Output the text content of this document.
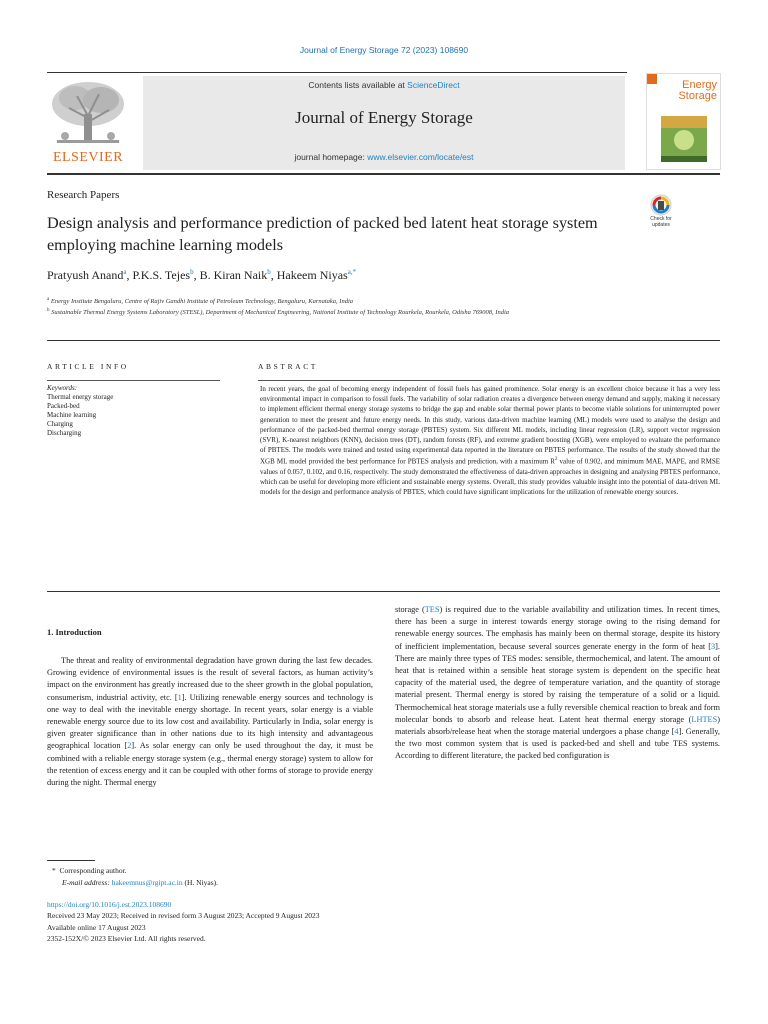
Journal of Energy Storage 72 (2023) 108690
ELSEVIER
Contents lists available at ScienceDirect
Journal of Energy Storage
journal homepage: www.elsevier.com/locate/est
Energy
Storage
Research Papers
Design analysis and performance prediction of packed bed latent heat storage system employing machine learning models
Check for updates
Pratyush Anand$^a$, P.K.S. Tejes$^b$, B. Kiran Naik$^b$, Hakeem Niyas$^{a,*}$
$^a$ Energy Institute Bengaluru, Centre of Rajiv Gandhi Institute of Petroleum Technology, Bengaluru, Karnataka, India
$^b$ Sustainable Thermal Energy Systems Laboratory (STESL), Department of Mechanical Engineering, National Institute of Technology Rourkela, Rourkela, Odisha 769008, India
ARTICLE INFO	ABSTRACT
Keywords:
Thermal energy storage
Packed-bed
Machine learning
Charging
Discharging
In recent years, the goal of becoming energy independent of fossil fuels has gained prominence. Solar energy is an excellent choice because it has a very less environmental impact in comparison to fossil fuels. The variability of solar radiation creates a divergence between energy demand and supply, making it necessary to implement efficient thermal energy storage systems to bridge the gap and enable solar thermal power plants to become viable solutions for uninterrupted power generation to meet the present and future energy needs. In this study, various data-driven machine learning (ML) models were used to analyse the design and performance of the packed-bed thermal energy storage (PBTES) system. Six different ML models, including linear regression (LR), support vector regression (SVR), K-nearest neighbors (KNN), decision trees (DT), random forests (RF), and extreme gradient boosting (XGB), were employed to evaluate the performance of PBTES. The models were trained and tested using experimental data reported in the literature on PBTES performance. The results of the study showed that the XGB ML model provided the best performance for PBTES analysis and prediction, with a maximum $R^2$ value of 0.902, and minimum MAE, MAPE, and RMSE values of 0.057, 0.102, and 0.16, respectively. The study demonstrated the effectiveness of data-driven approaches in designing and analysing PBTES performance, which can be useful for developing more efficient and sustainable energy systems. Overall, this study provides valuable insight into the potential of data-driven ML models for the design and performance analysis of PBTES, which could have significant implications for the utilization of renewable energy sources.
1. Introduction
The threat and reality of environmental degradation have grown during the last few decades. Growing evidence of environmental issues is the result of several factors, as human activity’s impact on the environment has greatly increased due to the sheer growth in the global population, consumerism, industrial activity, etc. [1]. Utilizing renewable energy sources and technology is one way to deal with the inevitable energy shortage. In recent years, solar energy is a viable renewable energy source due to its low cost and availability. Particularly in India, solar energy is given greater significance than in other nations due to its high intensity and advantageous geographical location [2]. As solar energy can only be used throughout the day, it must be combined with a reliable energy storage system (e.g., thermal energy storage) system to allow for the retention of excess energy and it can be coupled with other forms of storage to provide energy during the night. Thermal energy
storage (TES) is required due to the variable availability and utilization times. In recent times, there has been a surge in interest towards energy storage owing to the rising demand for renewable energy sources. The emphasis has mainly been on thermal storage, despite its history of inefficient implementation, because several sources generate energy in the form of heat [3]. There are mainly three types of TES modes: sensible, thermochemical, and latent. The amount of heat that is retained within a sensible heat storage system is dependent on the specific heat capacity of the material used, the degree of temperature variation, and the quantity of storage material present. Thermal energy is stored by raising the temperature of a solid or a liquid. Thermochemical heat storage materials use a fully reversible chemical reaction to break and form molecular bonds to absorb and release heat. Latent heat thermal energy storage (LHTES) materials absorb/release heat when the storage material undergoes a phase change [4]. Generally, the two most common system that is used is packed-bed and shell and tube TES systems. According to different literature, the packed bed configuration is
* Corresponding author.
E-mail address: hakeemnus@rgipt.ac.in (H. Niyas).
https://doi.org/10.1016/j.est.2023.108690
Received 23 May 2023; Received in revised form 3 August 2023; Accepted 9 August 2023
Available online 17 August 2023
2352-152X/© 2023 Elsevier Ltd. All rights reserved.
